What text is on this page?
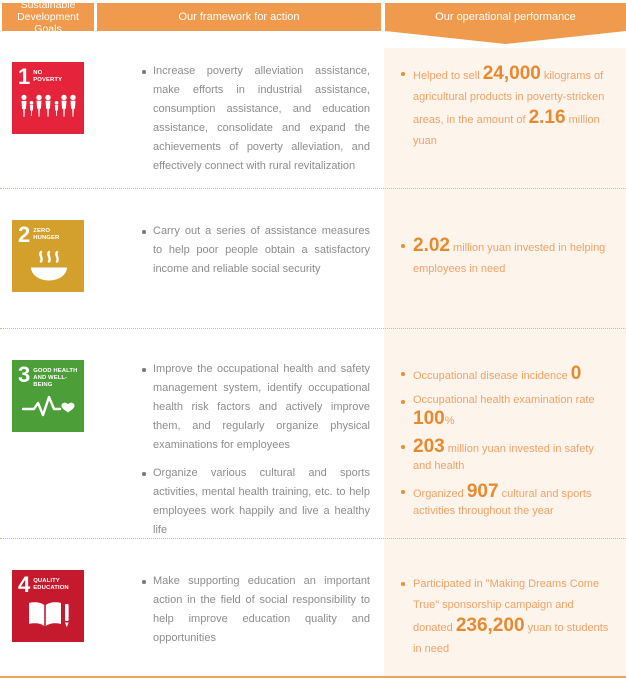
Sustainable Development Goals
Our framework for action	Our operational performance
1 NO
POVERTY
Increase poverty alleviation assistance, make efforts in industrial assistance, consumption assistance, and education assistance, consolidate and expand the achievements of poverty alleviation, and effectively connect with rural revitalization
Helped to sell 24,000 kilograms of agricultural products in poverty-stricken areas, in the amount of 2.16 million yuan
2 ZERO
HUNGER
Carry out a series of assistance measures to help poor people obtain a satisfactory income and reliable social security
2.02 million yuan invested in helping employees in need
3 GOOD HEALTH
AND WELL-BEING
Improve the occupational health and safety management system, identify occupational health risk factors and actively improve them, and regularly organize physical examinations for employees
Organize various cultural and sports activities, mental health training, etc. to help employees work happily and live a healthy life
Occupational disease incidence 0
Occupational health examination rate 100%
203 million yuan invested in safety and health
Organized 907 cultural and sports activities throughout the year
4 QUALITY
EDUCATION
Make supporting education an important action in the field of social responsibility to help improve education quality and opportunities
Participated in "Making Dreams Come True" sponsorship campaign and donated 236,200 yuan to students in need
